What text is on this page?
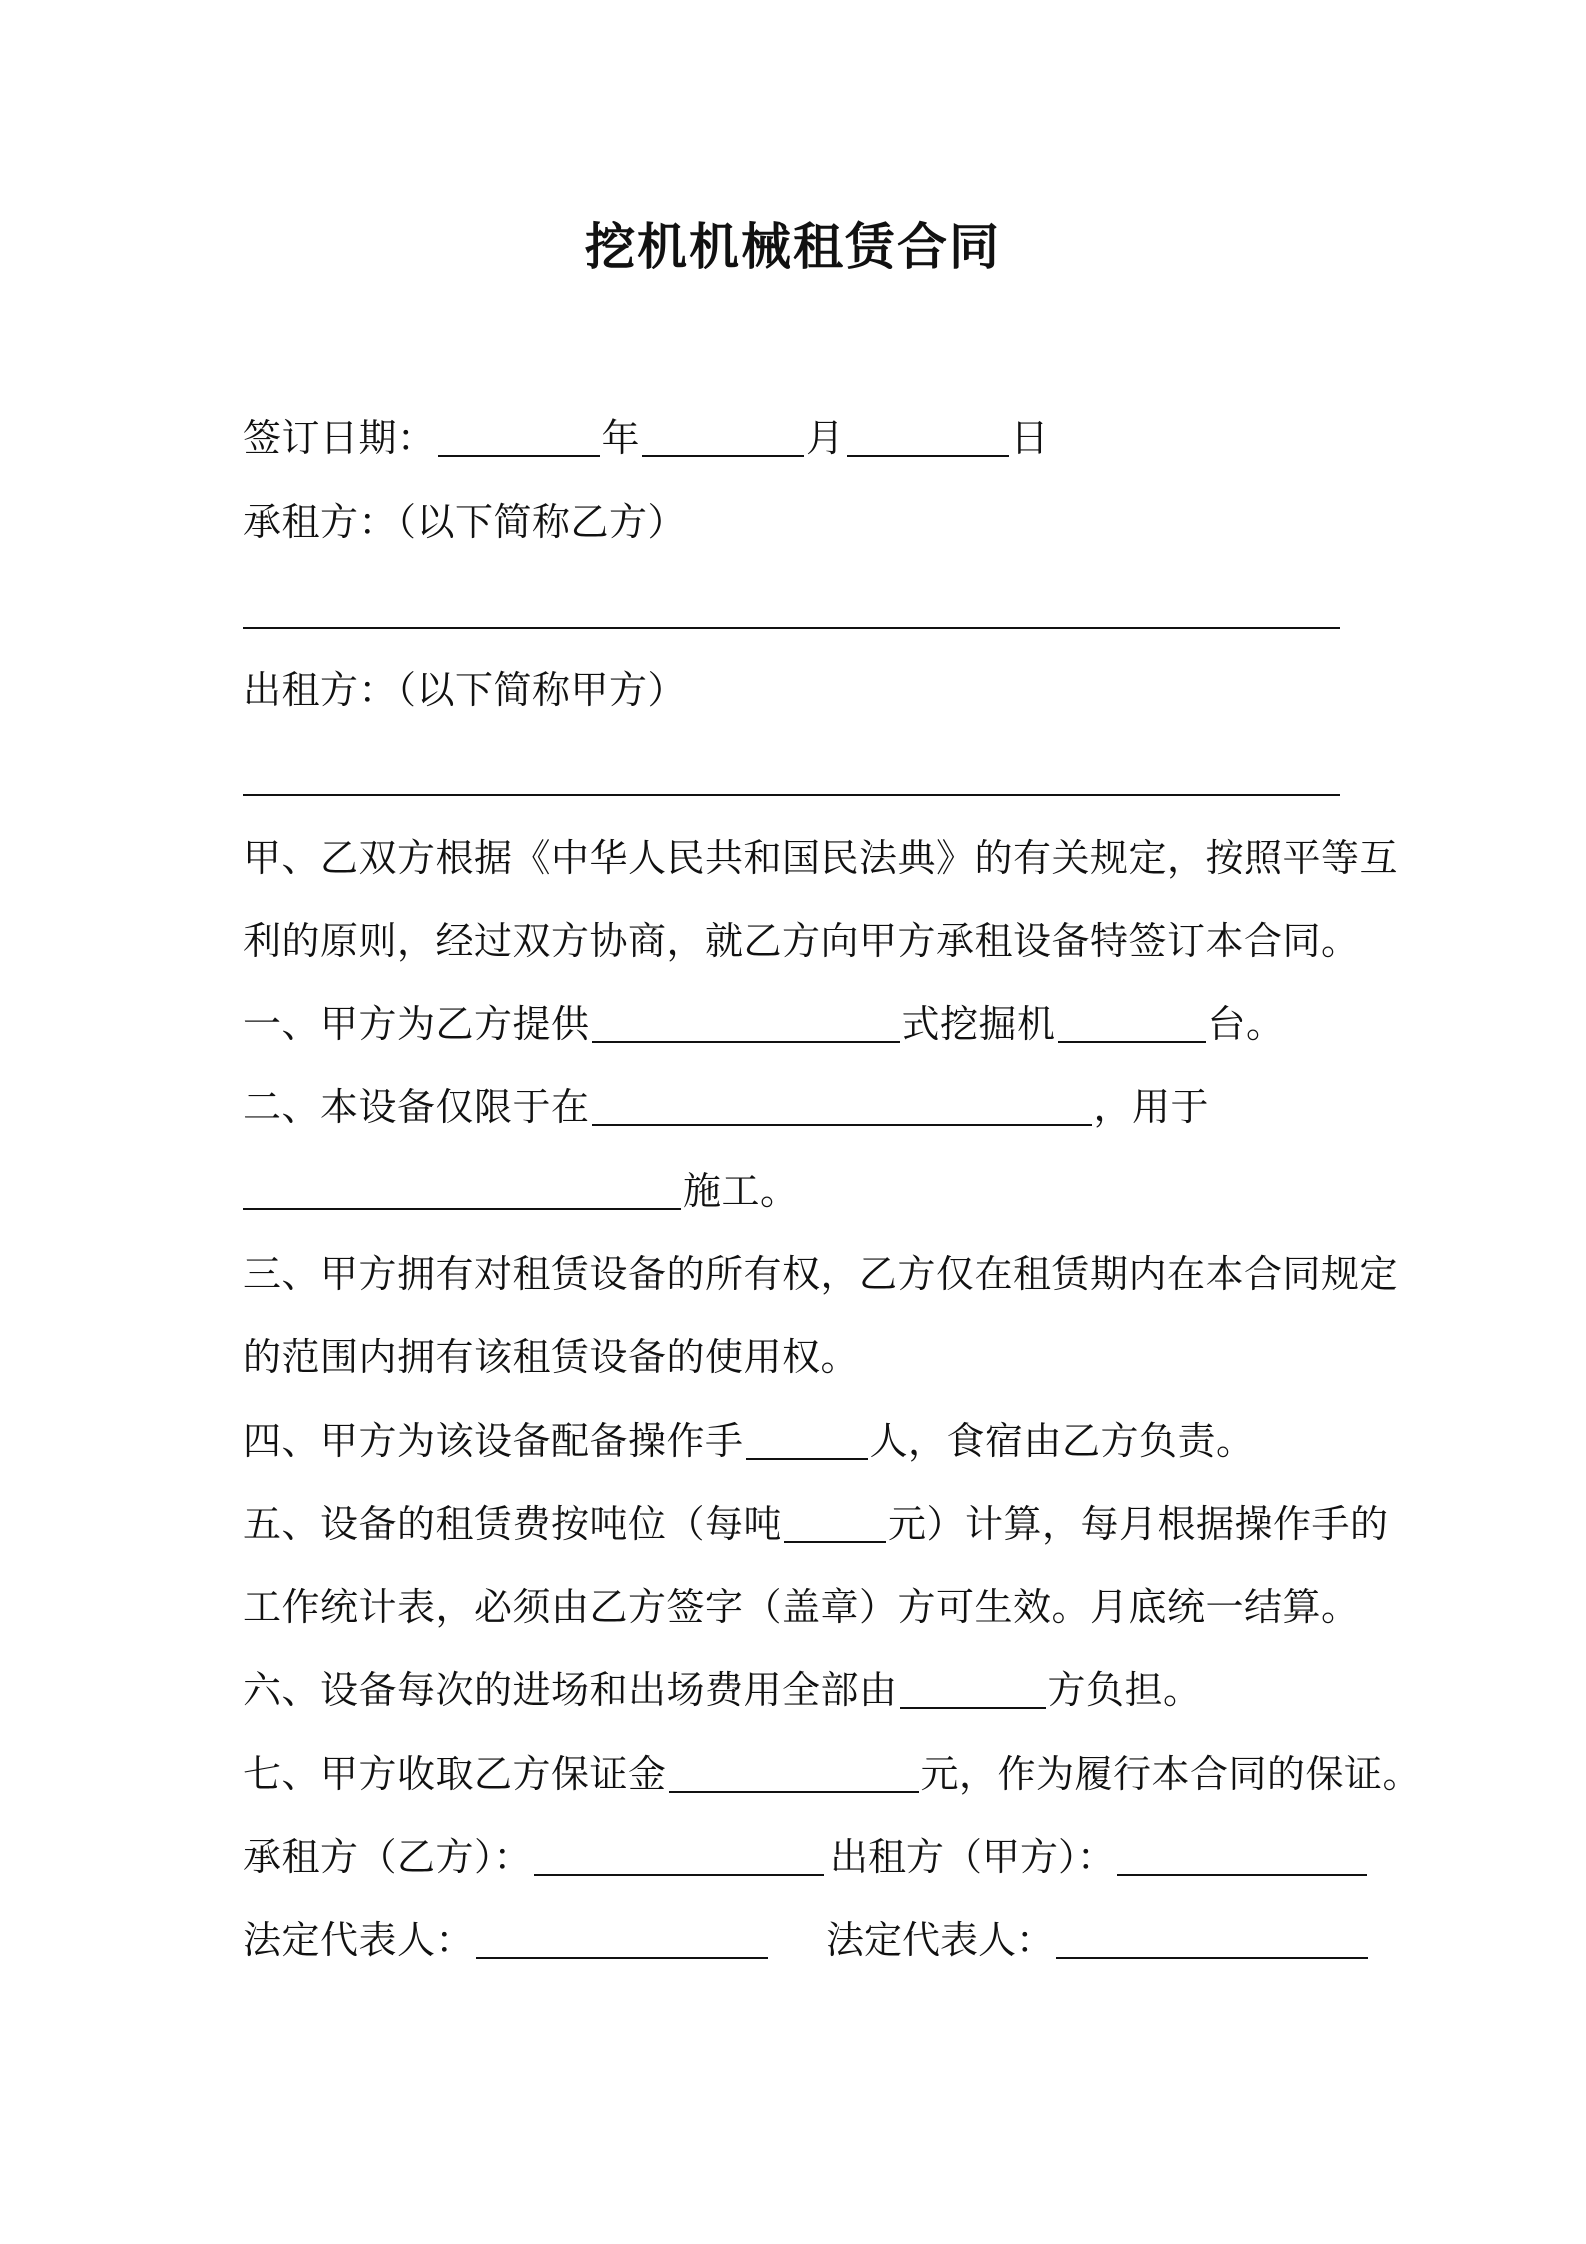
挖机机械租赁合同
签订日期：	年	月	日
承租方：（以下简称乙方）
出租方：（以下简称甲方）
甲、乙双方根据《中华人民共和国民法典》的有关规定，按照平等互
利的原则，经过双方协商，就乙方向甲方承租设备特签订本合同。
一、甲方为乙方提供	式挖掘机	台。
二、本设备仅限于在	，用于
施工。
三、甲方拥有对租赁设备的所有权，乙方仅在租赁期内在本合同规定
的范围内拥有该租赁设备的使用权。
四、甲方为该设备配备操作手	人，食宿由乙方负责。
五、设备的租赁费按吨位（每吨	元）计算，每月根据操作手的
工作统计表，必须由乙方签字（盖章）方可生效。月底统一结算。
六、设备每次的进场和出场费用全部由	方负担。
七、甲方收取乙方保证金	元，作为履行本合同的保证。
承租方（乙方）：	出租方（甲方）：
法定代表人：	法定代表人：
